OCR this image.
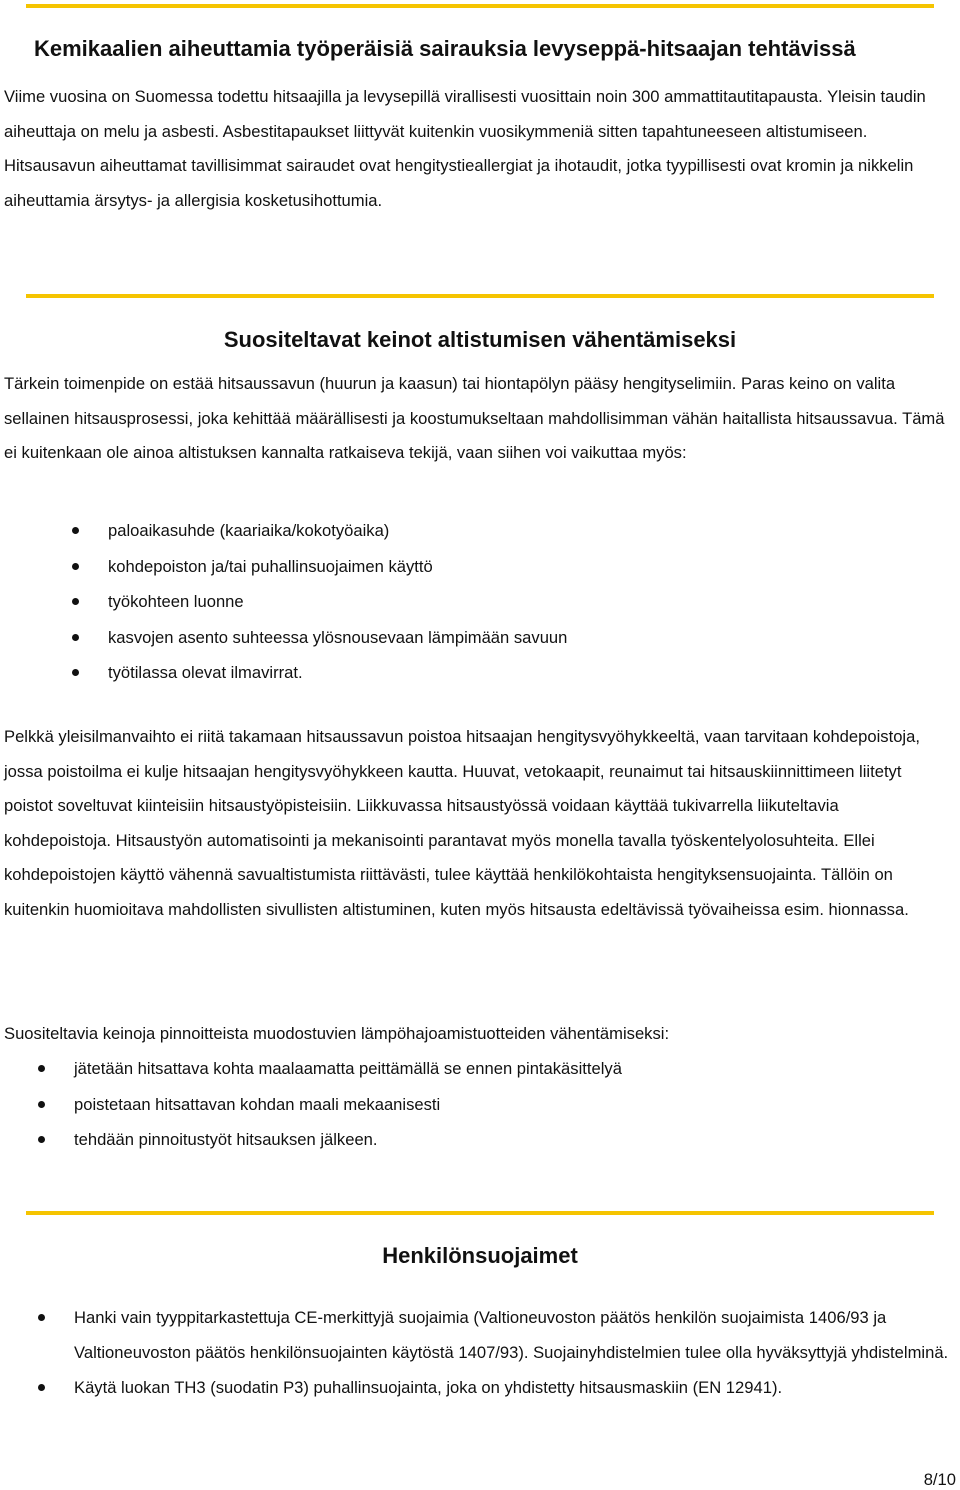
Kemikaalien aiheuttamia työperäisiä sairauksia levyseppä-hitsaajan tehtävissä

Viime vuosina on Suomessa todettu hitsaajilla ja levysepillä virallisesti vuosittain noin 300 ammattitautitapausta. Yleisin taudin aiheuttaja on melu ja asbesti. Asbestitapaukset liittyvät kuitenkin vuosikymmeniä sitten tapahtuneeseen altistumiseen. Hitsausavun aiheuttamat tavillisimmat sairaudet ovat hengitystieallergiat ja ihotaudit, jotka tyypillisesti ovat kromin ja nikkelin aiheuttamia ärsytys- ja allergisia kosketusihottumia.

Suositeltavat keinot altistumisen vähentämiseksi

Tärkein toimenpide on estää hitsaussavun (huurun ja kaasun) tai hiontapölyn pääsy hengityselimiin. Paras keino on valita sellainen hitsausprosessi, joka kehittää määrällisesti ja koostumukseltaan mahdollisimman vähän haitallista hitsaussavua. Tämä ei kuitenkaan ole ainoa altistuksen kannalta ratkaiseva tekijä, vaan siihen voi vaikuttaa myös:

paloaikasuhde (kaariaika/kokotyöaika)
kohdepoiston ja/tai puhallinsuojaimen käyttö
työkohteen luonne
kasvojen asento suhteessa ylösnousevaan lämpimään savuun
työtilassa olevat ilmavirrat.

Pelkkä yleisilmanvaihto ei riitä takamaan hitsaussavun poistoa hitsaajan hengitysvyöhykkeeltä, vaan tarvitaan kohdepoistoja, jossa poistoilma ei kulje hitsaajan hengitysvyöhykkeen kautta. Huuvat, vetokaapit, reunaimut tai hitsauskiinnittimeen liitetyt poistot soveltuvat kiinteisiin hitsaustyöpisteisiin. Liikkuvassa hitsaustyössä voidaan käyttää tukivarrella liikuteltavia kohdepoistoja. Hitsaustyön automatisointi ja mekanisointi parantavat myös monella tavalla työskentelyolosuhteita. Ellei kohdepoistojen käyttö vähennä savualtistumista riittävästi, tulee käyttää henkilökohtaista hengityksensuojainta. Tällöin on kuitenkin huomioitava mahdollisten sivullisten altistuminen, kuten myös hitsausta edeltävissä työvaiheissa esim. hionnassa.

Suositeltavia keinoja pinnoitteista muodostuvien lämpöhajoamistuotteiden vähentämiseksi:

jätetään hitsattava kohta maalaamatta peittämällä se ennen pintakäsittelyä
poistetaan hitsattavan kohdan maali mekaanisesti
tehdään pinnoitustyöt hitsauksen jälkeen.
Henkilönsuojaimet
Hanki vain tyyppitarkastettuja CE-merkittyjä suojaimia (Valtioneuvoston päätös henkilön suojaimista 1406/93 ja Valtioneuvoston päätös henkilönsuojainten käytöstä 1407/93). Suojainyhdistelmien tulee olla hyväksyttyjä yhdistelminä.
Käytä luokan TH3 (suodatin P3) puhallinsuojainta, joka on yhdistetty hitsausmaskiin (EN 12941).
8/10
